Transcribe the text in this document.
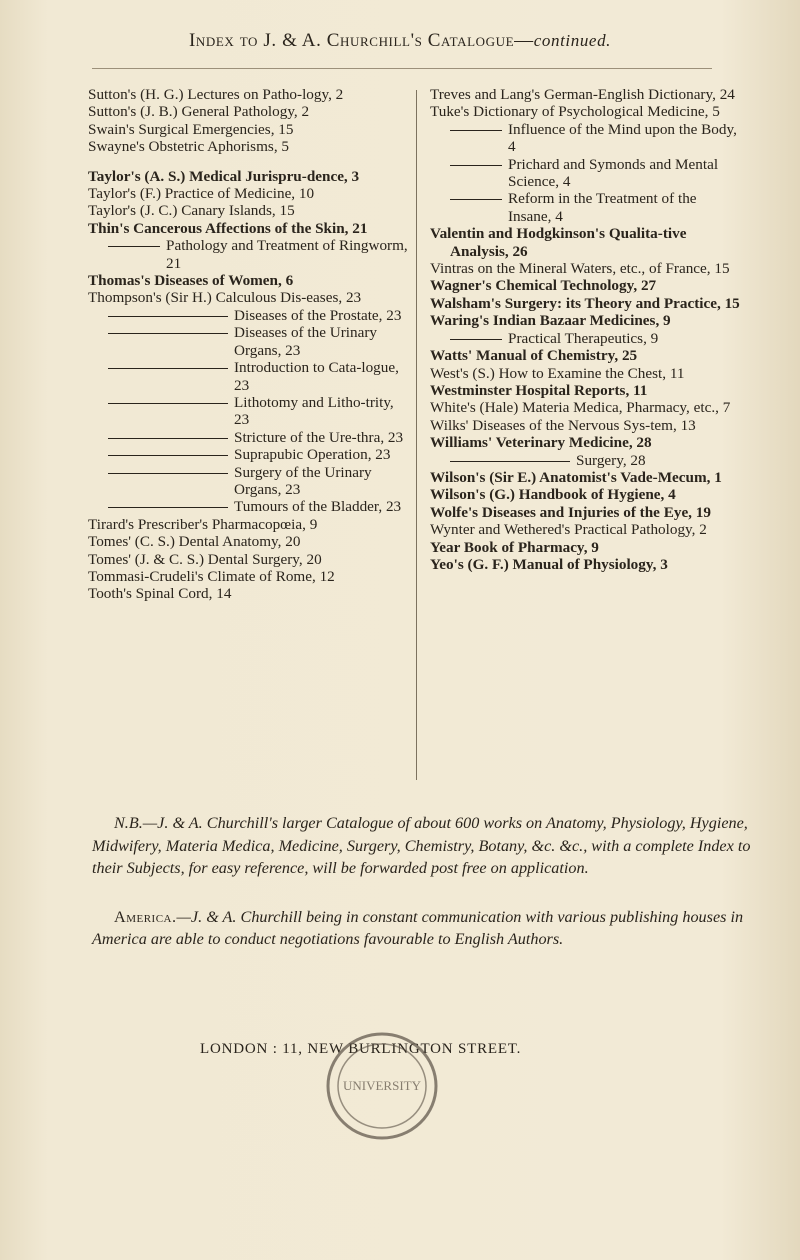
Index to J. & A. Churchill's Catalogue—continued.

Sutton's (H. G.) Lectures on Patho-logy, 2

Sutton's (J. B.) General Pathology, 2

Swain's Surgical Emergencies, 15

Swayne's Obstetric Aphorisms, 5

Taylor's (A. S.) Medical Jurispru-dence, 3

Taylor's (F.) Practice of Medicine, 10

Taylor's (J. C.) Canary Islands, 15

Thin's Cancerous Affections of the Skin, 21

Pathology and Treatment of Ringworm, 21

Thomas's Diseases of Women, 6

Thompson's (Sir H.) Calculous Dis-eases, 23

Diseases of the Prostate, 23

Diseases of the Urinary Organs, 23

Introduction to Cata-logue, 23

Lithotomy and Litho-trity, 23

Stricture of the Ure-thra, 23

Suprapubic Operation, 23

Surgery of the Urinary Organs, 23

Tumours of the Bladder, 23

Tirard's Prescriber's Pharmacopœia, 9

Tomes' (C. S.) Dental Anatomy, 20

Tomes' (J. & C. S.) Dental Surgery, 20

Tommasi-Crudeli's Climate of Rome, 12

Tooth's Spinal Cord, 14

Treves and Lang's German-English Dictionary, 24

Tuke's Dictionary of Psychological Medicine, 5

Influence of the Mind upon the Body, 4

Prichard and Symonds and Mental Science, 4

Reform in the Treatment of the Insane, 4

Valentin and Hodgkinson's Qualita-tive Analysis, 26

Vintras on the Mineral Waters, etc., of France, 15

Wagner's Chemical Technology, 27

Walsham's Surgery: its Theory and Practice, 15

Waring's Indian Bazaar Medicines, 9

Practical Therapeutics, 9

Watts' Manual of Chemistry, 25

West's (S.) How to Examine the Chest, 11

Westminster Hospital Reports, 11

White's (Hale) Materia Medica, Pharmacy, etc., 7

Wilks' Diseases of the Nervous Sys-tem, 13

Williams' Veterinary Medicine, 28

Surgery, 28

Wilson's (Sir E.) Anatomist's Vade-Mecum, 1

Wilson's (G.) Handbook of Hygiene, 4

Wolfe's Diseases and Injuries of the Eye, 19

Wynter and Wethered's Practical Pathology, 2

Year Book of Pharmacy, 9

Yeo's (G. F.) Manual of Physiology, 3

N.B.—J. & A. Churchill's larger Catalogue of about 600 works on Anatomy, Physiology, Hygiene, Midwifery, Materia Medica, Medicine, Surgery, Chemistry, Botany, &c. &c., with a complete Index to their Subjects, for easy reference, will be forwarded post free on application.

America.—J. & A. Churchill being in constant communication with various publishing houses in America are able to conduct negotiations favourable to English Authors.

LONDON : 11, NEW BURLINGTON STREET.
UNIVERSITY
